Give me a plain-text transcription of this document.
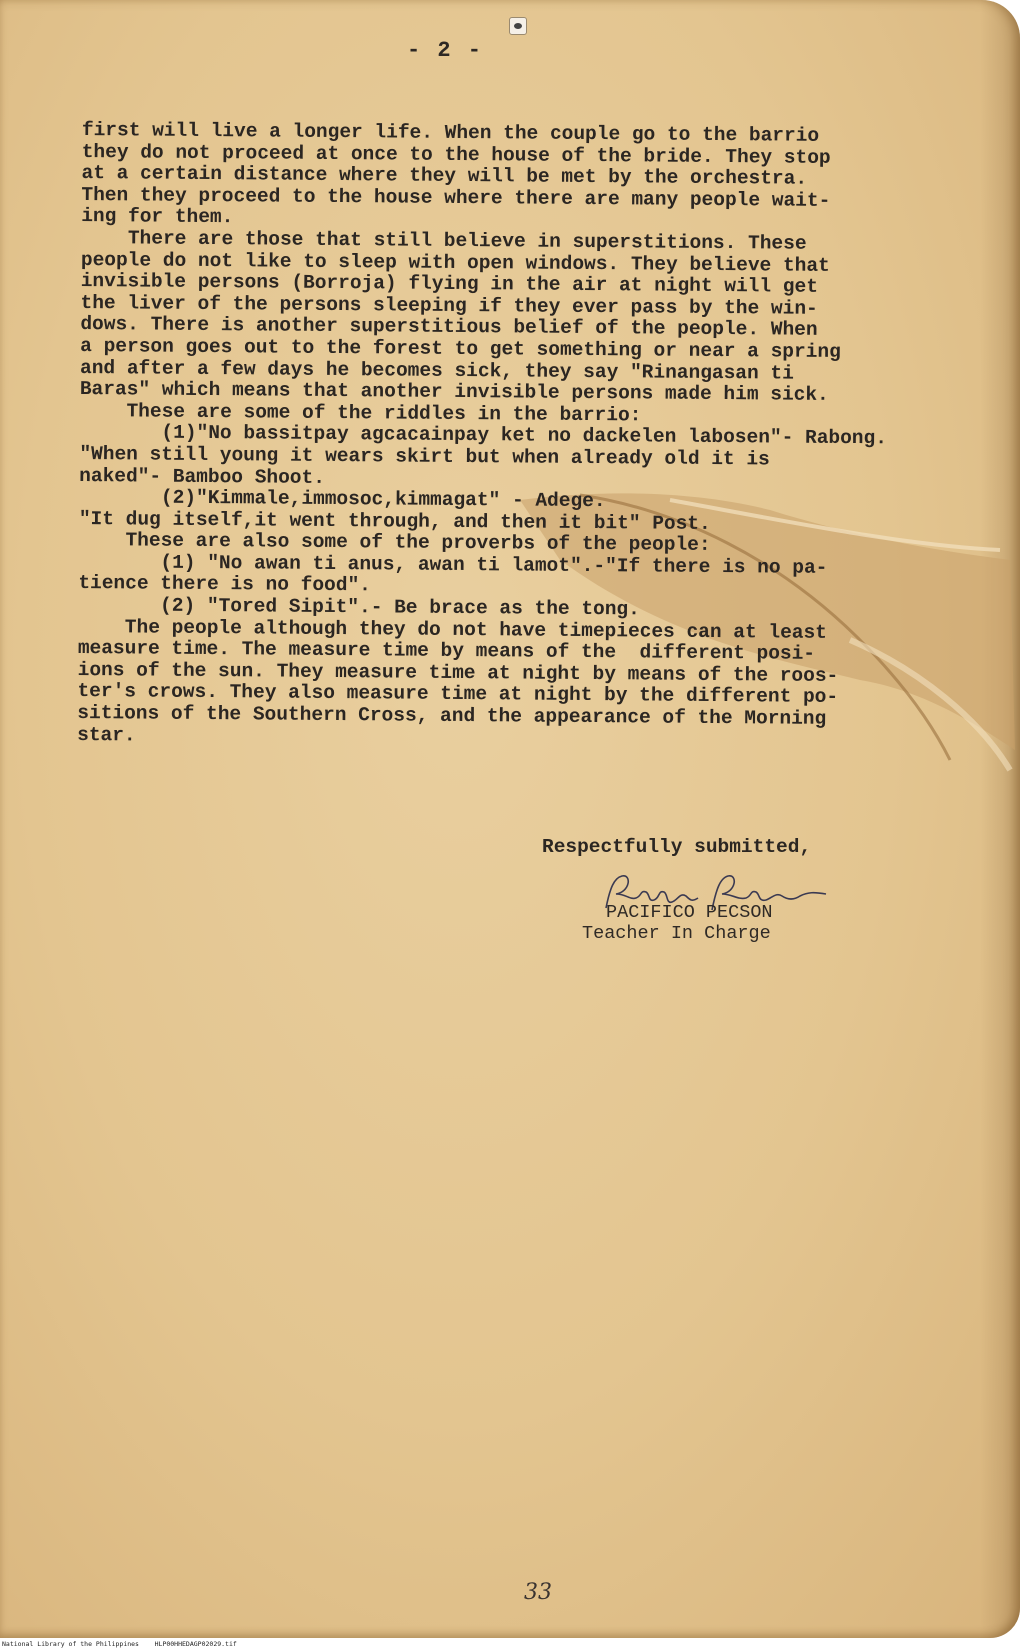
- 2 -

first will live a longer life. When the couple go to the barrio

they do not proceed at once to the house of the bride. They stop

at a certain distance where they will be met by the orchestra.

Then they proceed to the house where there are many people wait-

ing for them.

There are those that still believe in superstitions. These

people do not like to sleep with open windows. They believe that

invisible persons (Borroja) flying in the air at night will get

the liver of the persons sleeping if they ever pass by the win-

dows. There is another superstitious belief of the people. When

a person goes out to the forest to get something or near a spring

and after a few days he becomes sick, they say "Rinangasan ti

Baras" which means that another invisible persons made him sick.

These are some of the riddles in the barrio:

(1)"No bassitpay agcacainpay ket no dackelen labosen"- Rabong.

"When still young it wears skirt but when already old it is

naked"- Bamboo Shoot.

(2)"Kimmale,immosoc,kimmagat" - Adege.

"It dug itself,it went through, and then it bit" Post.

These are also some of the proverbs of the people:

(1) "No awan ti anus, awan ti lamot".-"If there is no pa-

tience there is no food".

(2) "Tored Sipit".- Be brace as the tong.

The people although they do not have timepieces can at least

measure time. The measure time by means of the  different posi-

ions of the sun. They measure time at night by means of the roos-

ter's crows. They also measure time at night by the different po-

sitions of the Southern Cross, and the appearance of the Morning

star.

Respectfully submitted,
PACIFICO PECSON
Teacher In Charge
33
National Library of the Philippines    HLP00HHEDAGP02029.tif
